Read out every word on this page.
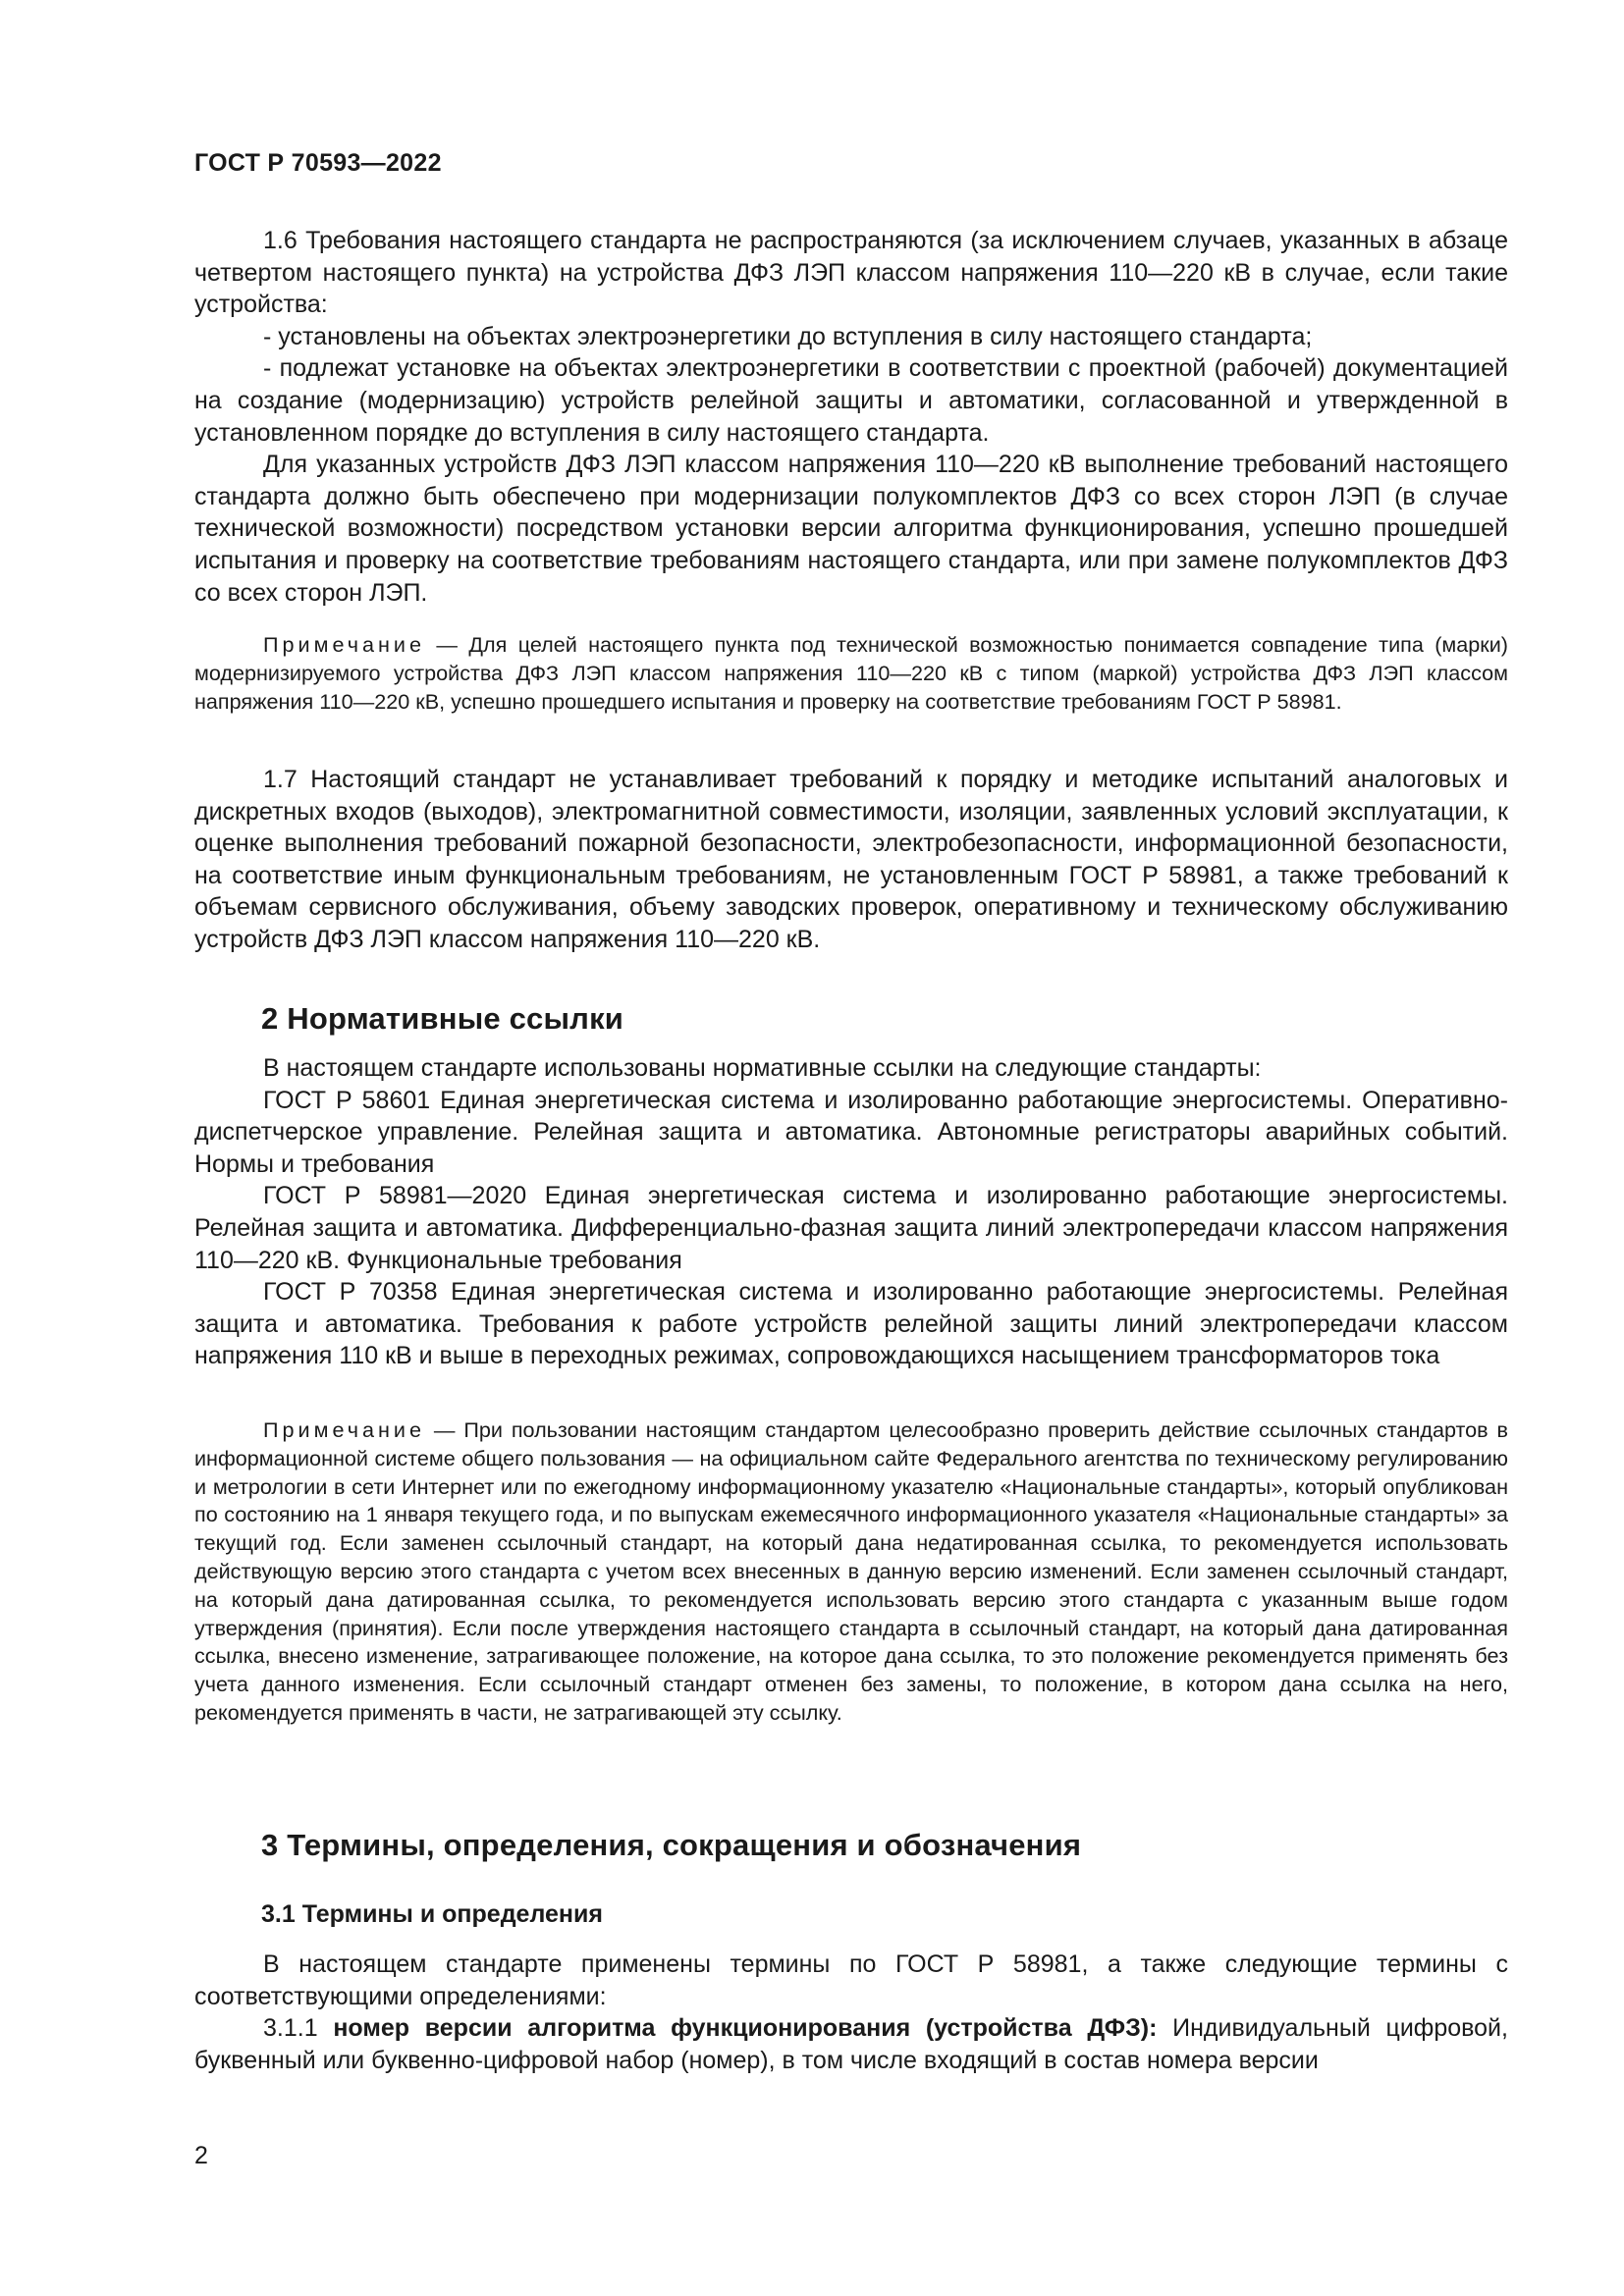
ГОСТ Р 70593—2022

1.6 Требования настоящего стандарта не распространяются (за исключением случаев, указанных в абзаце четвертом настоящего пункта) на устройства ДФЗ ЛЭП классом напряжения 110—220 кВ в случае, если такие устройства:

- установлены на объектах электроэнергетики до вступления в силу настоящего стандарта;

- подлежат установке на объектах электроэнергетики в соответствии с проектной (рабочей) документацией на создание (модернизацию) устройств релейной защиты и автоматики, согласованной и утвержденной в установленном порядке до вступления в силу настоящего стандарта.

Для указанных устройств ДФЗ ЛЭП классом напряжения 110—220 кВ выполнение требований настоящего стандарта должно быть обеспечено при модернизации полукомплектов ДФЗ со всех сторон ЛЭП (в случае технической возможности) посредством установки версии алгоритма функционирования, успешно прошедшей испытания и проверку на соответствие требованиям настоящего стандарта, или при замене полукомплектов ДФЗ со всех сторон ЛЭП.

Примечание — Для целей настоящего пункта под технической возможностью понимается совпадение типа (марки) модернизируемого устройства ДФЗ ЛЭП классом напряжения 110—220 кВ с типом (маркой) устройства ДФЗ ЛЭП классом напряжения 110—220 кВ, успешно прошедшего испытания и проверку на соответствие требованиям ГОСТ Р 58981.

1.7 Настоящий стандарт не устанавливает требований к порядку и методике испытаний аналоговых и дискретных входов (выходов), электромагнитной совместимости, изоляции, заявленных условий эксплуатации, к оценке выполнения требований пожарной безопасности, электробезопасности, информационной безопасности, на соответствие иным функциональным требованиям, не установленным ГОСТ Р 58981, а также требований к объемам сервисного обслуживания, объему заводских проверок, оперативному и техническому обслуживанию устройств ДФЗ ЛЭП классом напряжения 110—220 кВ.

2 Нормативные ссылки

В настоящем стандарте использованы нормативные ссылки на следующие стандарты:

ГОСТ Р 58601 Единая энергетическая система и изолированно работающие энергосистемы. Оперативно-диспетчерское управление. Релейная защита и автоматика. Автономные регистраторы аварийных событий. Нормы и требования

ГОСТ Р 58981—2020 Единая энергетическая система и изолированно работающие энергосистемы. Релейная защита и автоматика. Дифференциально-фазная защита линий электропередачи классом напряжения 110—220 кВ. Функциональные требования

ГОСТ Р 70358 Единая энергетическая система и изолированно работающие энергосистемы. Релейная защита и автоматика. Требования к работе устройств релейной защиты линий электропередачи классом напряжения 110 кВ и выше в переходных режимах, сопровождающихся насыщением трансформаторов тока

Примечание — При пользовании настоящим стандартом целесообразно проверить действие ссылочных стандартов в информационной системе общего пользования — на официальном сайте Федерального агентства по техническому регулированию и метрологии в сети Интернет или по ежегодному информационному указателю «Национальные стандарты», который опубликован по состоянию на 1 января текущего года, и по выпускам ежемесячного информационного указателя «Национальные стандарты» за текущий год. Если заменен ссылочный стандарт, на который дана недатированная ссылка, то рекомендуется использовать действующую версию этого стандарта с учетом всех внесенных в данную версию изменений. Если заменен ссылочный стандарт, на который дана датированная ссылка, то рекомендуется использовать версию этого стандарта с указанным выше годом утверждения (принятия). Если после утверждения настоящего стандарта в ссылочный стандарт, на который дана датированная ссылка, внесено изменение, затрагивающее положение, на которое дана ссылка, то это положение рекомендуется применять без учета данного изменения. Если ссылочный стандарт отменен без замены, то положение, в котором дана ссылка на него, рекомендуется применять в части, не затрагивающей эту ссылку.

3 Термины, определения, сокращения и обозначения
3.1 Термины и определения

В настоящем стандарте применены термины по ГОСТ Р 58981, а также следующие термины с соответствующими определениями:

3.1.1 номер версии алгоритма функционирования (устройства ДФЗ): Индивидуальный цифровой, буквенный или буквенно-цифровой набор (номер), в том числе входящий в состав номера версии

2
